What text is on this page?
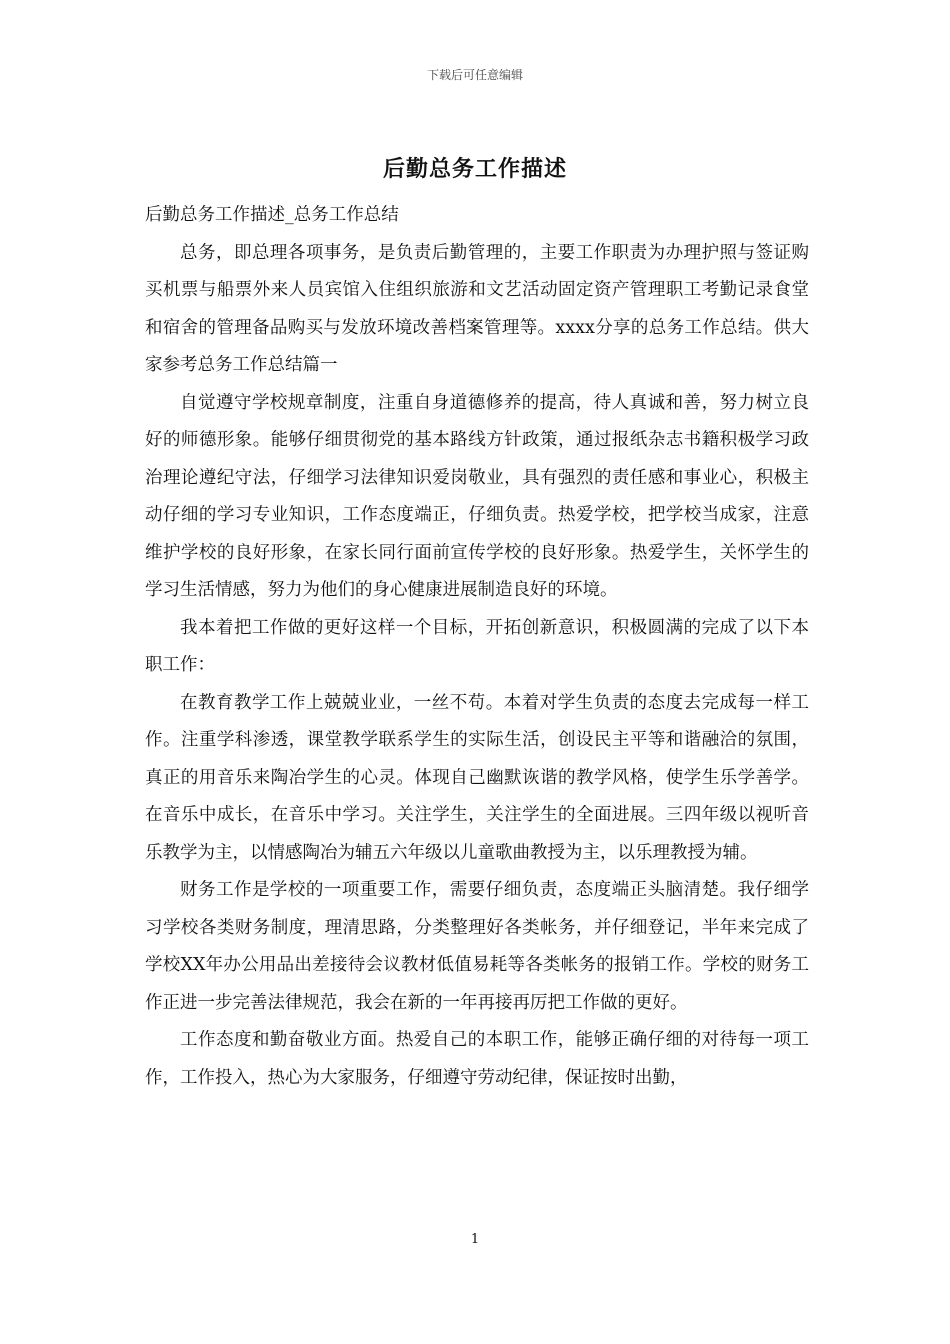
下载后可任意编辑
后勤总务工作描述

后勤总务工作描述_总务工作总结

总务，即总理各项事务，是负责后勤管理的，主要工作职责为办理护照与签证购买机票与船票外来人员宾馆入住组织旅游和文艺活动固定资产管理职工考勤记录食堂和宿舍的管理备品购买与发放环境改善档案管理等。xxxx分享的总务工作总结。供大家参考总务工作总结篇一

自觉遵守学校规章制度，注重自身道德修养的提高，待人真诚和善，努力树立良好的师德形象。能够仔细贯彻党的基本路线方针政策，通过报纸杂志书籍积极学习政治理论遵纪守法，仔细学习法律知识爱岗敬业，具有强烈的责任感和事业心，积极主动仔细的学习专业知识，工作态度端正，仔细负责。热爱学校，把学校当成家，注意维护学校的良好形象，在家长同行面前宣传学校的良好形象。热爱学生，关怀学生的学习生活情感，努力为他们的身心健康进展制造良好的环境。

我本着把工作做的更好这样一个目标，开拓创新意识，积极圆满的完成了以下本职工作：

在教育教学工作上兢兢业业，一丝不苟。本着对学生负责的态度去完成每一样工作。注重学科渗透，课堂教学联系学生的实际生活，创设民主平等和谐融洽的氛围，真正的用音乐来陶冶学生的心灵。体现自己幽默诙谐的教学风格，使学生乐学善学。在音乐中成长，在音乐中学习。关注学生，关注学生的全面进展。三四年级以视听音乐教学为主，以情感陶冶为辅五六年级以儿童歌曲教授为主，以乐理教授为辅。

财务工作是学校的一项重要工作，需要仔细负责，态度端正头脑清楚。我仔细学习学校各类财务制度，理清思路，分类整理好各类帐务，并仔细登记，半年来完成了学校XX年办公用品出差接待会议教材低值易耗等各类帐务的报销工作。学校的财务工作正进一步完善法律规范，我会在新的一年再接再厉把工作做的更好。

工作态度和勤奋敬业方面。热爱自己的本职工作，能够正确仔细的对待每一项工作，工作投入，热心为大家服务，仔细遵守劳动纪律，保证按时出勤，

1
